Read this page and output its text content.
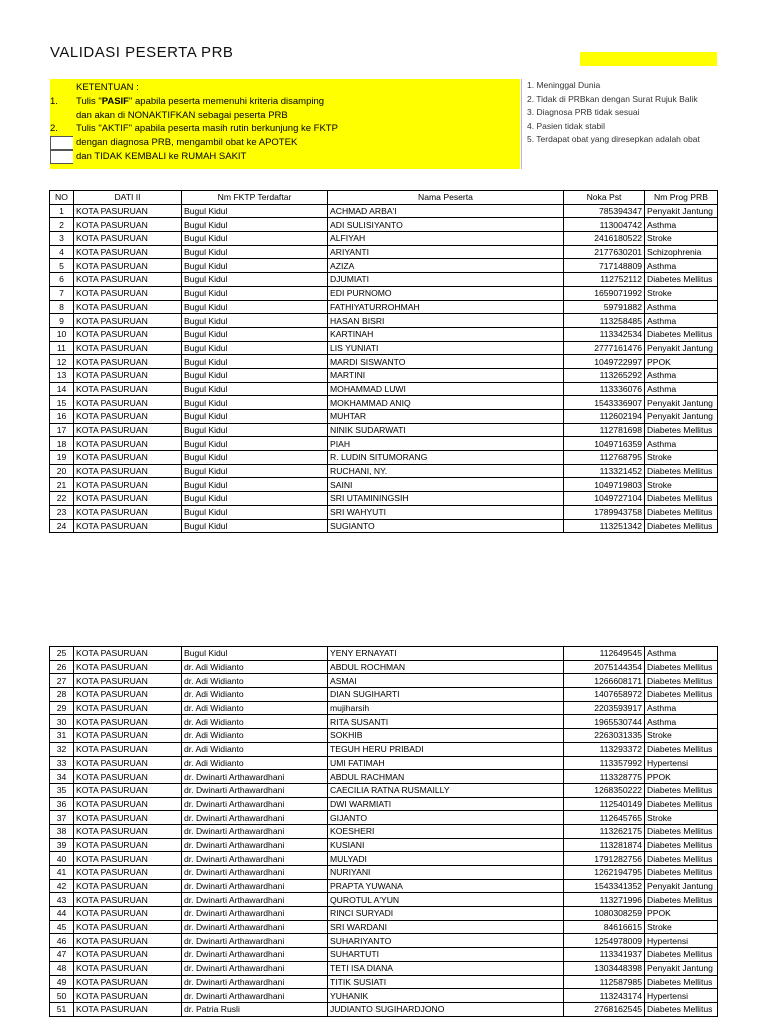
VALIDASI PESERTA PRB
KETENTUAN :
1. Tulis "PASIF" apabila peserta memenuhi kriteria disamping
dan akan di NONAKTIFKAN sebagai peserta PRB
2. Tulis "AKTIF" apabila peserta masih rutin berkunjung ke FKTP
dengan diagnosa PRB, mengambil obat ke APOTEK
dan TIDAK KEMBALI ke RUMAH SAKIT
1. Meninggal Dunia
2. Tidak di PRBkan dengan Surat Rujuk Balik
3. Diagnosa PRB tidak sesuai
4. Pasien tidak stabil
5. Terdapat obat yang diresepkan adalah obat
NO	DATI II	Nm FKTP Terdaftar	Nama Peserta	Noka Pst	Nm Prog PRB
1	KOTA PASURUAN	Bugul Kidul	ACHMAD ARBA'I	785394347	Penyakit Jantung
2	KOTA PASURUAN	Bugul Kidul	ADI SULISIYANTO	113004742	Asthma
3	KOTA PASURUAN	Bugul Kidul	ALFIYAH	2416180522	Stroke
4	KOTA PASURUAN	Bugul Kidul	ARIYANTI	2177630201	Schizophrenia
5	KOTA PASURUAN	Bugul Kidul	AZIZA	717148809	Asthma
6	KOTA PASURUAN	Bugul Kidul	DJUMIATI	112752112	Diabetes Mellitus
7	KOTA PASURUAN	Bugul Kidul	EDI PURNOMO	1659071992	Stroke
8	KOTA PASURUAN	Bugul Kidul	FATHIYATURROHMAH	59791882	Asthma
9	KOTA PASURUAN	Bugul Kidul	HASAN BISRI	113258485	Asthma
10	KOTA PASURUAN	Bugul Kidul	KARTINAH	113342534	Diabetes Mellitus
11	KOTA PASURUAN	Bugul Kidul	LIS YUNIATI	2777161476	Penyakit Jantung
12	KOTA PASURUAN	Bugul Kidul	MARDI SISWANTO	1049722997	PPOK
13	KOTA PASURUAN	Bugul Kidul	MARTINI	113265292	Asthma
14	KOTA PASURUAN	Bugul Kidul	MOHAMMAD LUWI	113336076	Asthma
15	KOTA PASURUAN	Bugul Kidul	MOKHAMMAD ANIQ	1543336907	Penyakit Jantung
16	KOTA PASURUAN	Bugul Kidul	MUHTAR	112602194	Penyakit Jantung
17	KOTA PASURUAN	Bugul Kidul	NINIK SUDARWATI	112781698	Diabetes Mellitus
18	KOTA PASURUAN	Bugul Kidul	PIAH	1049716359	Asthma
19	KOTA PASURUAN	Bugul Kidul	R. LUDIN SITUMORANG	112768795	Stroke
20	KOTA PASURUAN	Bugul Kidul	RUCHANI, NY.	113321452	Diabetes Mellitus
21	KOTA PASURUAN	Bugul Kidul	SAINI	1049719803	Stroke
22	KOTA PASURUAN	Bugul Kidul	SRI UTAMININGSIH	1049727104	Diabetes Mellitus
23	KOTA PASURUAN	Bugul Kidul	SRI WAHYUTI	1789943758	Diabetes Mellitus
24	KOTA PASURUAN	Bugul Kidul	SUGIANTO	113251342	Diabetes Mellitus
25	KOTA PASURUAN	Bugul Kidul	YENY ERNAYATI	112649545	Asthma
26	KOTA PASURUAN	dr. Adi Widianto	ABDUL ROCHMAN	2075144354	Diabetes Mellitus
27	KOTA PASURUAN	dr. Adi Widianto	ASMAI	1266608171	Diabetes Mellitus
28	KOTA PASURUAN	dr. Adi Widianto	DIAN SUGIHARTI	1407658972	Diabetes Mellitus
29	KOTA PASURUAN	dr. Adi Widianto	mujiharsih	2203593917	Asthma
30	KOTA PASURUAN	dr. Adi Widianto	RITA SUSANTI	1965530744	Asthma
31	KOTA PASURUAN	dr. Adi Widianto	SOKHIB	2263031335	Stroke
32	KOTA PASURUAN	dr. Adi Widianto	TEGUH HERU PRIBADI	113293372	Diabetes Mellitus
33	KOTA PASURUAN	dr. Adi Widianto	UMI FATIMAH	113357992	Hypertensi
34	KOTA PASURUAN	dr. Dwinarti Arthawardhani	ABDUL RACHMAN	113328775	PPOK
35	KOTA PASURUAN	dr. Dwinarti Arthawardhani	CAECILIA RATNA RUSMAILLY	1268350222	Diabetes Mellitus
36	KOTA PASURUAN	dr. Dwinarti Arthawardhani	DWI WARMIATI	112540149	Diabetes Mellitus
37	KOTA PASURUAN	dr. Dwinarti Arthawardhani	GIJANTO	112645765	Stroke
38	KOTA PASURUAN	dr. Dwinarti Arthawardhani	KOESHERI	113262175	Diabetes Mellitus
39	KOTA PASURUAN	dr. Dwinarti Arthawardhani	KUSIANI	113281874	Diabetes Mellitus
40	KOTA PASURUAN	dr. Dwinarti Arthawardhani	MULYADI	1791282756	Diabetes Mellitus
41	KOTA PASURUAN	dr. Dwinarti Arthawardhani	NURIYANI	1262194795	Diabetes Mellitus
42	KOTA PASURUAN	dr. Dwinarti Arthawardhani	PRAPTA YUWANA	1543341352	Penyakit Jantung
43	KOTA PASURUAN	dr. Dwinarti Arthawardhani	QUROTUL A'YUN	113271996	Diabetes Mellitus
44	KOTA PASURUAN	dr. Dwinarti Arthawardhani	RINCI SURYADI	1080308259	PPOK
45	KOTA PASURUAN	dr. Dwinarti Arthawardhani	SRI WARDANI	84616615	Stroke
46	KOTA PASURUAN	dr. Dwinarti Arthawardhani	SUHARIYANTO	1254978009	Hypertensi
47	KOTA PASURUAN	dr. Dwinarti Arthawardhani	SUHARTUTI	113341937	Diabetes Mellitus
48	KOTA PASURUAN	dr. Dwinarti Arthawardhani	TETI ISA DIANA	1303448398	Penyakit Jantung
49	KOTA PASURUAN	dr. Dwinarti Arthawardhani	TITIK SUSIATI	112587985	Diabetes Mellitus
50	KOTA PASURUAN	dr. Dwinarti Arthawardhani	YUHANIK	113243174	Hypertensi
51	KOTA PASURUAN	dr. Patria Rusli	JUDIANTO SUGIHARDJONO	2768162545	Diabetes Mellitus
